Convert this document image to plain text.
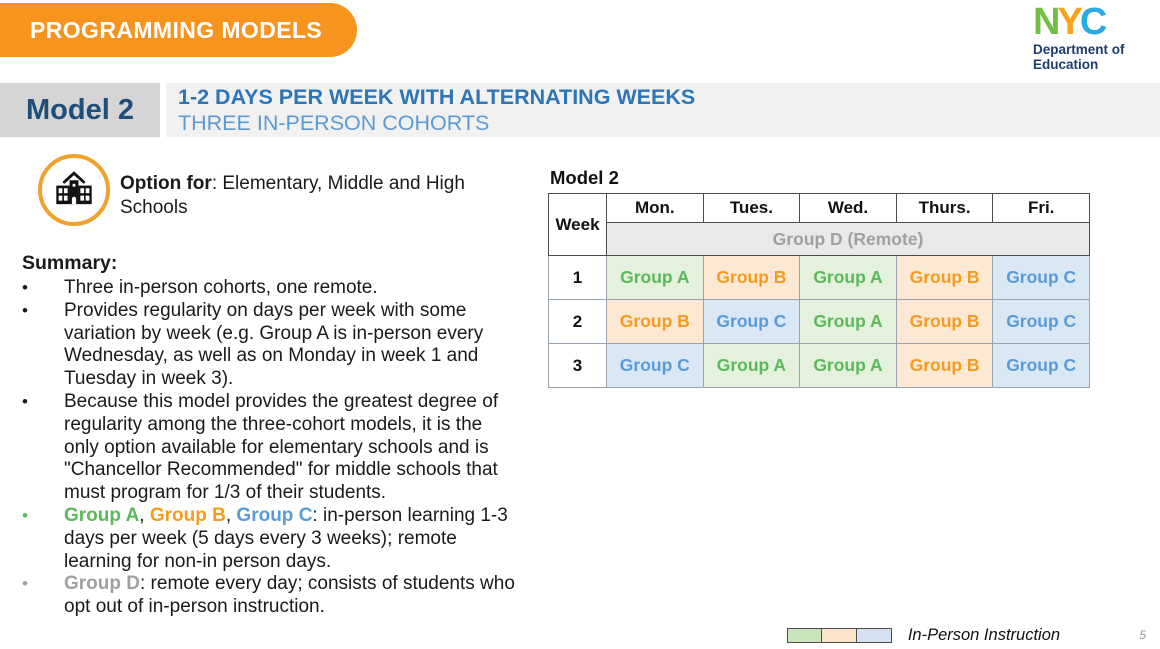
PROGRAMMING MODELS	NYC
Department of
Education
Model 2 1-2 DAYS PER WEEK WITH ALTERNATING WEEKS
THREE IN-PERSON COHORTS
Option for: Elementary, Middle and High Schools
Summary:
•	Three in-person cohorts, one remote.
•	Provides regularity on days per week with some variation by week (e.g. Group A is in-person every Wednesday, as well as on Monday in week 1 and Tuesday in week 3).
•	Because this model provides the greatest degree of regularity among the three-cohort models, it is the only option available for elementary schools and is "Chancellor Recommended" for middle schools that must program for 1/3 of their students.
•	Group A, Group B, Group C: in-person learning 1-3 days per week (5 days every 3 weeks); remote learning for non-in person days.
•	Group D: remote every day; consists of students who opt out of in-person instruction.
Model 2
Week	Mon.	Tues.	Wed.	Thurs.	Fri.
	Group D (Remote)				
1	Group A	Group B	Group A	Group B	Group C
2	Group B	Group C	Group A	Group B	Group C
3	Group C	Group A	Group A	Group B	Group C
In-Person Instruction	5
